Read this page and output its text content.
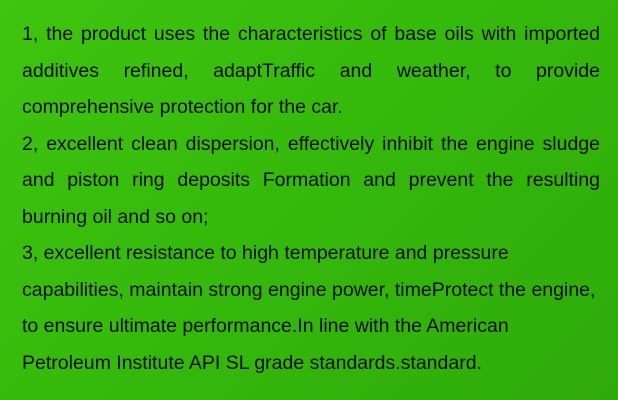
1, the product uses the characteristics of base oils with imported additives refined, adaptTraffic and weather, to provide comprehensive protection for the car.

2, excellent clean dispersion, effectively inhibit the engine sludge and piston ring deposits Formation and prevent the resulting burning oil and so on;

3, excellent resistance to high temperature and pressure capabilities, maintain strong engine power, timeProtect the engine, to ensure ultimate performance.In line with the American Petroleum Institute API SL grade standards.standard.
